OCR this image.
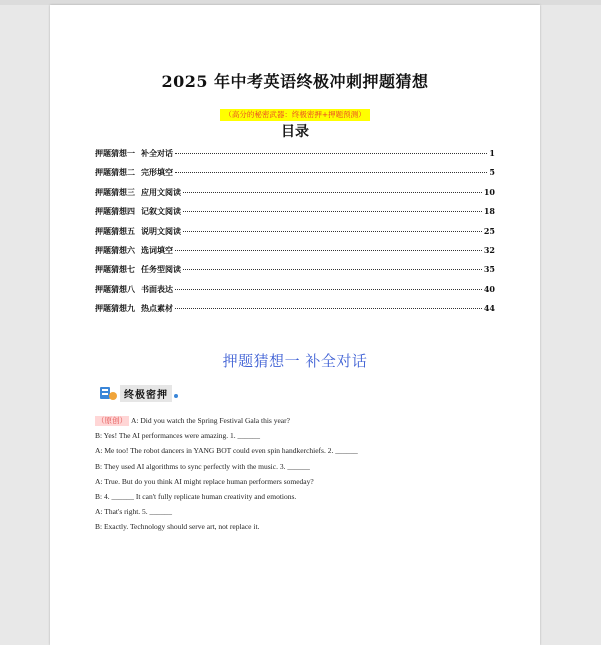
2025 年中考英语终极冲刺押题猜想
（高分的秘密武器：终极密押+押题预测）
目录
押题猜想一 补全对话	1
押题猜想二 完形填空	5
押题猜想三 应用文阅读	10
押题猜想四 记叙文阅读	18
押题猜想五 说明文阅读	25
押题猜想六 选词填空	32
押题猜想七 任务型阅读	35
押题猜想八 书面表达	40
押题猜想九 热点素材	44
押题猜想一 补全对话
终极密押
（原创） A: Did you watch the Spring Festival Gala this year?
B: Yes! The AI performances were amazing. 1. ______
A: Me too! The robot dancers in YANG BOT could even spin handkerchiefs. 2. ______
B: They used AI algorithms to sync perfectly with the music. 3. ______
A: True. But do you think AI might replace human performers someday?
B: 4. ______ It can't fully replicate human creativity and emotions.
A: That's right. 5. ______
B: Exactly. Technology should serve art, not replace it.
